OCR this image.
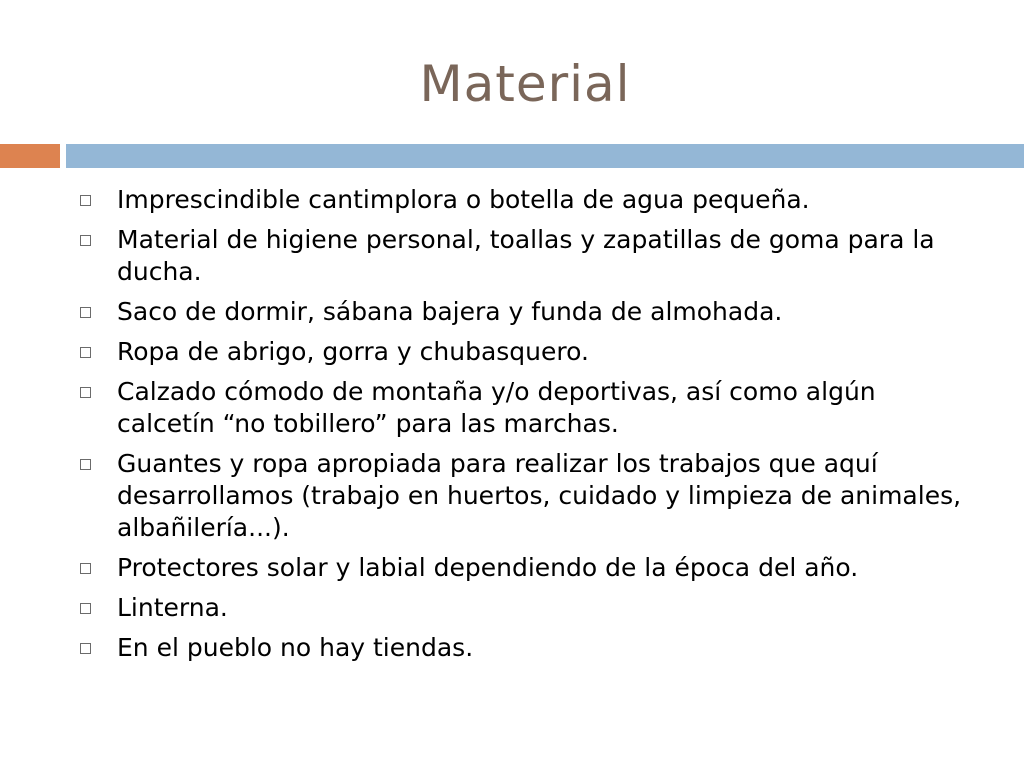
Material
Imprescindible cantimplora o botella de agua pequeña.
Material de higiene personal, toallas y zapatillas de goma para la ducha.
Saco de dormir, sábana bajera y funda de almohada.
Ropa de abrigo, gorra y chubasquero.
Calzado cómodo de montaña y/o deportivas, así como algún calcetín “no tobillero” para las marchas.
Guantes y ropa apropiada para realizar los trabajos que aquí desarrollamos (trabajo en huertos, cuidado y limpieza de animales, albañilería...).
Protectores solar y labial dependiendo de la época del año.
Linterna.
En el pueblo no hay tiendas.
